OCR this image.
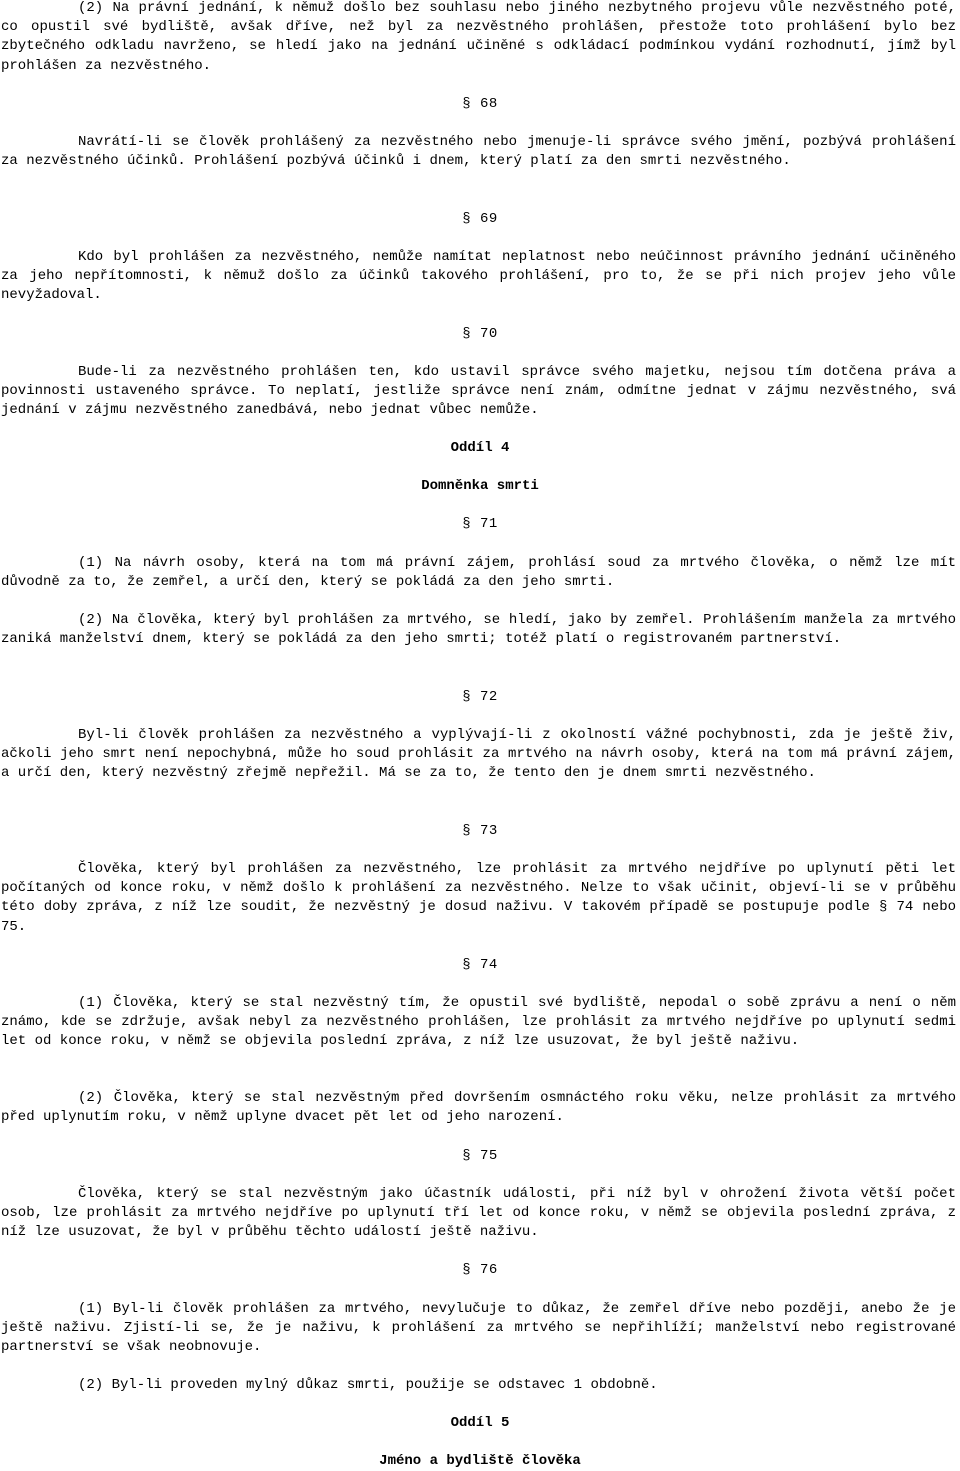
(2) Na právní jednání, k němuž došlo bez souhlasu nebo jiného nezbytného projevu vůle nezvěstného poté, co opustil své bydliště, avšak dříve, než byl za nezvěstného prohlášen, přestože toto prohlášení bylo bez zbytečného odkladu navrženo, se hledí jako na jednání učiněné s odkládací podmínkou vydání rozhodnutí, jímž byl prohlášen za nezvěstného.

§ 68

Navrátí-li se člověk prohlášený za nezvěstného nebo jmenuje-li správce svého jmění, pozbývá prohlášení za nezvěstného účinků. Prohlášení pozbývá účinků i dnem, který platí za den smrti nezvěstného.

§ 69

Kdo byl prohlášen za nezvěstného, nemůže namítat neplatnost nebo neúčinnost právního jednání učiněného za jeho nepřítomnosti, k němuž došlo za účinků takového prohlášení, pro to, že se při nich projev jeho vůle nevyžadoval.

§ 70

Bude-li za nezvěstného prohlášen ten, kdo ustavil správce svého majetku, nejsou tím dotčena práva a povinnosti ustaveného správce. To neplatí, jestliže správce není znám, odmítne jednat v zájmu nezvěstného, svá jednání v zájmu nezvěstného zanedbává, nebo jednat vůbec nemůže.

Oddíl 4
Domněnka smrti
§ 71

(1) Na návrh osoby, která na tom má právní zájem, prohlásí soud za mrtvého člověka, o němž lze mít důvodně za to, že zemřel, a určí den, který se pokládá za den jeho smrti.

(2) Na člověka, který byl prohlášen za mrtvého, se hledí, jako by zemřel. Prohlášením manžela za mrtvého zaniká manželství dnem, který se pokládá za den jeho smrti; totéž platí o registrovaném partnerství.

§ 72

Byl-li člověk prohlášen za nezvěstného a vyplývají-li z okolností vážné pochybnosti, zda je ještě živ, ačkoli jeho smrt není nepochybná, může ho soud prohlásit za mrtvého na návrh osoby, která na tom má právní zájem, a určí den, který nezvěstný zřejmě nepřežil. Má se za to, že tento den je dnem smrti nezvěstného.

§ 73

Člověka, který byl prohlášen za nezvěstného, lze prohlásit za mrtvého nejdříve po uplynutí pěti let počítaných od konce roku, v němž došlo k prohlášení za nezvěstného. Nelze to však učinit, objeví-li se v průběhu této doby zpráva, z níž lze soudit, že nezvěstný je dosud naživu. V takovém případě se postupuje podle § 74 nebo 75.

§ 74

(1) Člověka, který se stal nezvěstný tím, že opustil své bydliště, nepodal o sobě zprávu a není o něm známo, kde se zdržuje, avšak nebyl za nezvěstného prohlášen, lze prohlásit za mrtvého nejdříve po uplynutí sedmi let od konce roku, v němž se objevila poslední zpráva, z níž lze usuzovat, že byl ještě naživu.

(2) Člověka, který se stal nezvěstným před dovršením osmnáctého roku věku, nelze prohlásit za mrtvého před uplynutím roku, v němž uplyne dvacet pět let od jeho narození.

§ 75

Člověka, který se stal nezvěstným jako účastník události, při níž byl v ohrožení života větší počet osob, lze prohlásit za mrtvého nejdříve po uplynutí tří let od konce roku, v němž se objevila poslední zpráva, z níž lze usuzovat, že byl v průběhu těchto událostí ještě naživu.

§ 76

(1) Byl-li člověk prohlášen za mrtvého, nevylučuje to důkaz, že zemřel dříve nebo později, anebo že je ještě naživu. Zjistí-li se, že je naživu, k prohlášení za mrtvého se nepřihlíží; manželství nebo registrované partnerství se však neobnovuje.

(2) Byl-li proveden mylný důkaz smrti, použije se odstavec 1 obdobně.

Oddíl 5
Jméno a bydliště člověka
